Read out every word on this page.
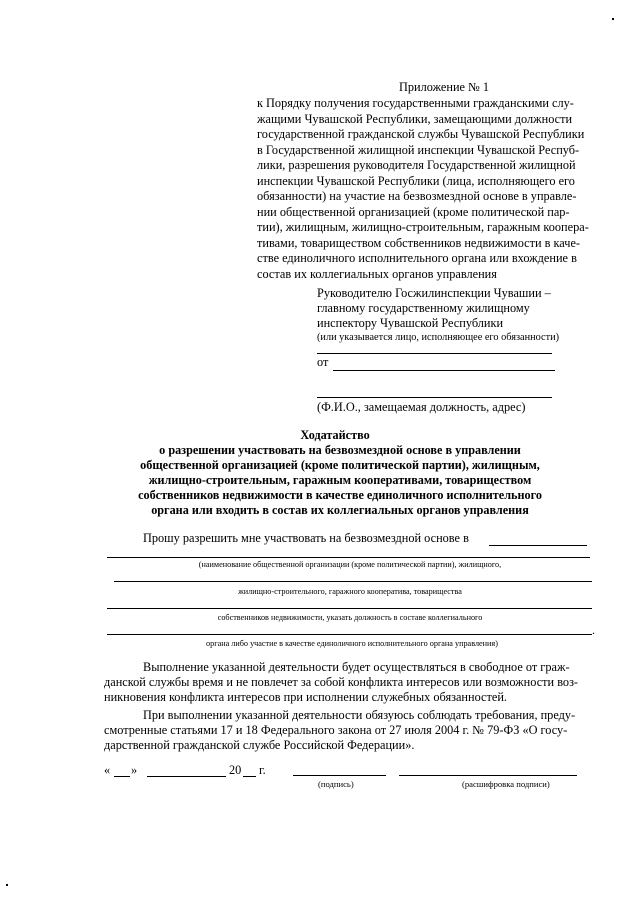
Приложение № 1
к Порядку получения государственными гражданскими слу-
жащими Чувашской Республики, замещающими должности
государственной гражданской службы Чувашской Республики
в Государственной жилищной инспекции Чувашской Респуб-
лики, разрешения руководителя Государственной жилищной
инспекции Чувашской Республики (лица, исполняющего его
обязанности) на участие на безвозмездной основе в управле-
нии общественной организацией (кроме политической пар-
тии), жилищным, жилищно-строительным, гаражным коопера-
тивами, товариществом собственников недвижимости в каче-
стве единоличного исполнительного органа или вхождение в
состав их коллегиальных органов управления
Руководителю Госжилинспекции Чувашии –
главному государственному жилищному
инспектору Чувашской Республики
(или указывается лицо, исполняющее его обязанности)
от
(Ф.И.О., замещаемая должность, адрес)
Ходатайство
о разрешении участвовать на безвозмездной основе в управлении
общественной организацией (кроме политической партии), жилищным,
жилищно-строительным, гаражным кооперативами, товариществом
собственников недвижимости в качестве единоличного исполнительного
органа или входить в состав их коллегиальных органов управления
Прошу разрешить мне участвовать на безвозмездной основе в
(наименование общественной организации (кроме политической партии), жилищного,
жилищно-строительного, гаражного кооператива, товарищества
собственников недвижимости, указать должность в составе коллегиального
.
органа либо участие в качестве единоличного исполнительного органа управления)
Выполнение указанной деятельности будет осуществляться в свободное от граж-
данской службы время и не повлечет за собой конфликта интересов или возможности воз-
никновения конфликта интересов при исполнении служебных обязанностей.
При выполнении указанной деятельности обязуюсь соблюдать требования, преду-
смотренные статьями 17 и 18 Федерального закона от 27 июля 2004 г. № 79-ФЗ «О госу-
дарственной гражданской службе Российской Федерации».
« »	20 г.
(подпись)	(расшифровка подписи)
